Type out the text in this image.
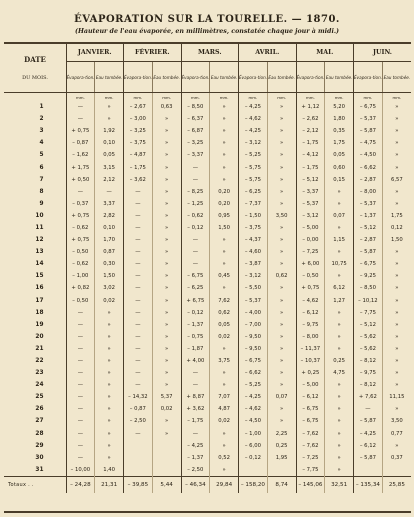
ÉVAPORATION SUR LA TOURELLE. — 1870.
(Hauteur de l'eau évaporée, en millimètres, constatée chaque jour à midi.)
	JANVIER.		FÉVRIER.		MARS.		AVRIL.		MAI.		JUIN.	
	Évapora-tion.	Eau tombée.	Évapora-tion.	Eau tombée.	Évapora-tion.	Eau tombée.	Évapora-tion.	Eau tombée.	Évapora-tion.	Eau tombée.	Évapora-tion.	Eau tombée.
	mm.	mm.	mm.	mm.	mm.	mm.	mm.	mm.	mm.	mm.	mm.	mm.
1	—	»	– 2,67	0,63	– 8,50	»	– 4,25	»	+ 1,12	5,20	– 6,75	»
2	—	»	– 3,00	»	– 6,37	»	– 4,62	»	– 2,62	1,80	– 5,37	»
3	+ 0,75	1,92	– 3,25	»	– 6,87	»	– 4,25	»	– 2,12	0,35	– 5,87	»
4	– 0,87	0,10	– 3,75	»	– 3,25	»	– 3,12	»	– 1,75	1,75	– 4,75	»
5	– 1,62	0,05	– 4,87	»	– 3,37	»	– 5,25	»	– 4,12	0,05	– 4,50	»
6	+ 1,75	3,15	– 1,75	»	—	»	– 5,75	»	– 1,75	0,60	– 6,62	»
7	+ 0,50	2,12	– 3,62	»	—	»	– 5,75	»	– 5,12	0,15	– 2,87	6,57
8	—	—	—	»	– 8,25	0,20	– 6,25	»	– 3,37	»	– 8,00	»
9	– 0,37	3,37	—	»	– 1,25	0,20	– 7,37	»	– 5,37	»	– 5,37	»
10	+ 0,75	2,82	—	»	– 0,62	0,95	– 1,50	3,50	– 3,12	0,07	– 1,37	1,75
11	– 0,62	0,10	—	»	– 0,12	1,50	– 3,75	»	– 5,00	»	– 5,12	0,12
12	+ 0,75	1,70	—	»	—	»	– 4,37	»	– 0,00	1,15	– 2,87	1,50
13	– 0,50	0,87	—	»	—	»	– 4,60	»	– 7,25	»	– 5,87	»
14	– 0,62	0,30	—	»	—	»	– 3,87	»	+ 6,00	10,75	– 6,75	»
15	– 1,00	1,50	—	»	– 6,75	0,45	– 3,12	0,62	– 0,50	»	– 9,25	»
16	+ 0,82	3,02	—	»	– 6,25	»	– 5,50	»	+ 0,75	6,12	– 8,50	»
17	– 0,50	0,02	—	»	+ 6,75	7,62	– 5,37	»	– 4,62	1,27	– 10,12	»
18	—	»	—	»	– 0,12	0,62	– 4,00	»	– 6,12	»	– 7,75	»
19	—	»	—	»	– 1,37	0,05	– 7,00	»	– 9,75	»	– 5,12	»
20	—	»	—	»	– 0,75	0,02	– 9,50	»	– 8,00	»	– 5,62	»
21	—	»	—	»	– 1,87	»	– 9,50	»	– 11,37	»	– 5,62	»
22	—	»	—	»	+ 4,00	3,75	– 6,75	»	– 10,37	0,25	– 8,12	»
23	—	»	—	»	—	»	– 6,62	»	+ 0,25	4,75	– 9,75	»
24	—	»	—	»	—	»	– 5,25	»	– 5,00	»	– 8,12	»
25	—	»	– 14,32	5,37	+ 8,87	7,07	– 4,25	0,07	– 6,12	»	+ 7,62	11,15
26	—	»	– 0,87	0,02	+ 3,62	4,87	– 4,62	»	– 6,75	»	—	»
27	—	»	– 2,50	»	– 1,75	0,02	– 4,50	»	– 6,75	»	– 5,87	3,50
28	—	»	—	»	—	»	– 1,00	2,25	– 7,62	»	– 4,25	0,77
29	—	»			– 4,25	»	– 6,00	0,25	– 7,62	»	– 6,12	»
30	—	»			– 1,37	0,52	– 0,12	1,95	– 7,25	»	– 5,87	0,37
31	– 10,00	1,40			– 2,50	»			– 7,75	»		
Totaux . .	– 24,28	21,31	– 39,85	5,44	– 46,34	29,84	– 158,20	8,74	– 145,06	32,51	– 135,34	25,85
DATE
DU MOIS.
